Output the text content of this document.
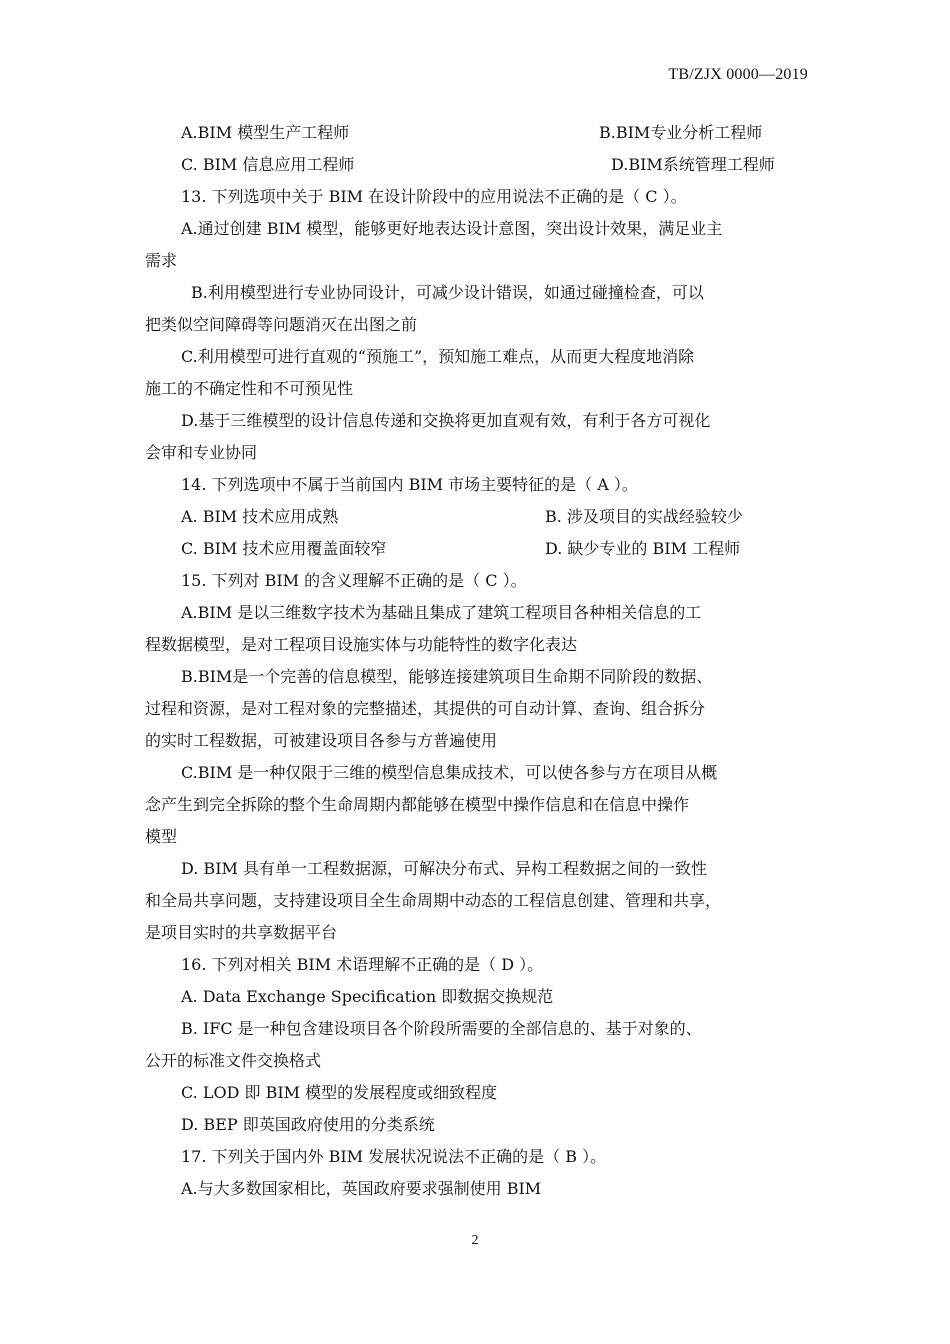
TB/ZJX 0000—2019
A.BIM 模型生产工程师	B.BIM专业分析工程师
C. BIM 信息应用工程师	D.BIM系统管理工程师
13. 下列选项中关于 BIM 在设计阶段中的应用说法不正确的是（ C ）。
A.通过创建 BIM 模型，能够更好地表达设计意图，突出设计效果，满足业主
需求
B.利用模型进行专业协同设计，可减少设计错误，如通过碰撞检查，可以
把类似空间障碍等问题消灭在出图之前
C.利用模型可进行直观的“预施工”，预知施工难点，从而更大程度地消除
施工的不确定性和不可预见性
D.基于三维模型的设计信息传递和交换将更加直观有效，有利于各方可视化
会审和专业协同
14. 下列选项中不属于当前国内 BIM 市场主要特征的是（ A ）。
A. BIM 技术应用成熟	B. 涉及项目的实战经验较少
C. BIM 技术应用覆盖面较窄	D. 缺少专业的 BIM 工程师
15. 下列对 BIM 的含义理解不正确的是（ C ）。
A.BIM 是以三维数字技术为基础且集成了建筑工程项目各种相关信息的工
程数据模型，是对工程项目设施实体与功能特性的数字化表达
B.BIM是一个完善的信息模型，能够连接建筑项目生命期不同阶段的数据、
过程和资源，是对工程对象的完整描述，其提供的可自动计算、查询、组合拆分
的实时工程数据，可被建设项目各参与方普遍使用
C.BIM 是一种仅限于三维的模型信息集成技术，可以使各参与方在项目从概
念产生到完全拆除的整个生命周期内都能够在模型中操作信息和在信息中操作
模型
D. BIM 具有单一工程数据源，可解决分布式、异构工程数据之间的一致性
和全局共享问题，支持建设项目全生命周期中动态的工程信息创建、管理和共享，
是项目实时的共享数据平台
16. 下列对相关 BIM 术语理解不正确的是（ D ）。
A. Data Exchange Specification 即数据交换规范
B. IFC 是一种包含建设项目各个阶段所需要的全部信息的、基于对象的、
公开的标准文件交换格式
C. LOD 即 BIM 模型的发展程度或细致程度
D. BEP 即英国政府使用的分类系统
17. 下列关于国内外 BIM 发展状况说法不正确的是（ B ）。
A.与大多数国家相比，英国政府要求强制使用 BIM
2
